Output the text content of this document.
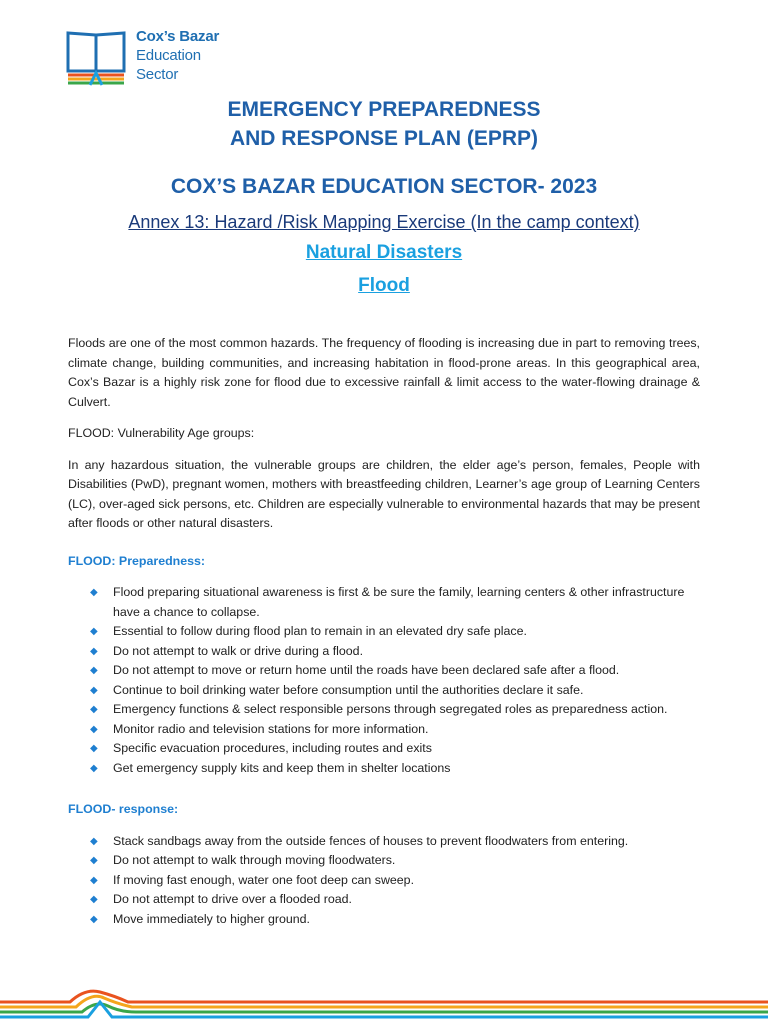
Cox’s Bazar
Education
Sector
EMERGENCY PREPAREDNESS
AND RESPONSE PLAN (EPRP)
COX’S BAZAR EDUCATION SECTOR- 2023
Annex 13: Hazard /Risk Mapping Exercise (In the camp context)
Natural Disasters
Flood

Floods are one of the most common hazards. The frequency of flooding is increasing due in part to removing trees, climate change, building communities, and increasing habitation in flood-prone areas. In this geographical area, Cox’s Bazar is a highly risk zone for flood due to excessive rainfall & limit access to the water-flowing drainage & Culvert.

FLOOD: Vulnerability Age groups:

In any hazardous situation, the vulnerable groups are children, the elder age’s person, females, People with Disabilities (PwD), pregnant women, mothers with breastfeeding children, Learner’s age group of Learning Centers (LC), over-aged sick persons, etc. Children are especially vulnerable to environmental hazards that may be present after floods or other natural disasters.

FLOOD: Preparedness:
◆ Flood preparing situational awareness is first & be sure the family, learning centers & other infrastructure have a chance to collapse.
◆ Essential to follow during flood plan to remain in an elevated dry safe place.
◆ Do not attempt to walk or drive during a flood.
◆ Do not attempt to move or return home until the roads have been declared safe after a flood.
◆ Continue to boil drinking water before consumption until the authorities declare it safe.
◆ Emergency functions & select responsible persons through segregated roles as preparedness action.
◆ Monitor radio and television stations for more information.
◆ Specific evacuation procedures, including routes and exits
◆ Get emergency supply kits and keep them in shelter locations
FLOOD- response:
◆ Stack sandbags away from the outside fences of houses to prevent floodwaters from entering.
◆ Do not attempt to walk through moving floodwaters.
◆ If moving fast enough, water one foot deep can sweep.
◆ Do not attempt to drive over a flooded road.
◆ Move immediately to higher ground.
